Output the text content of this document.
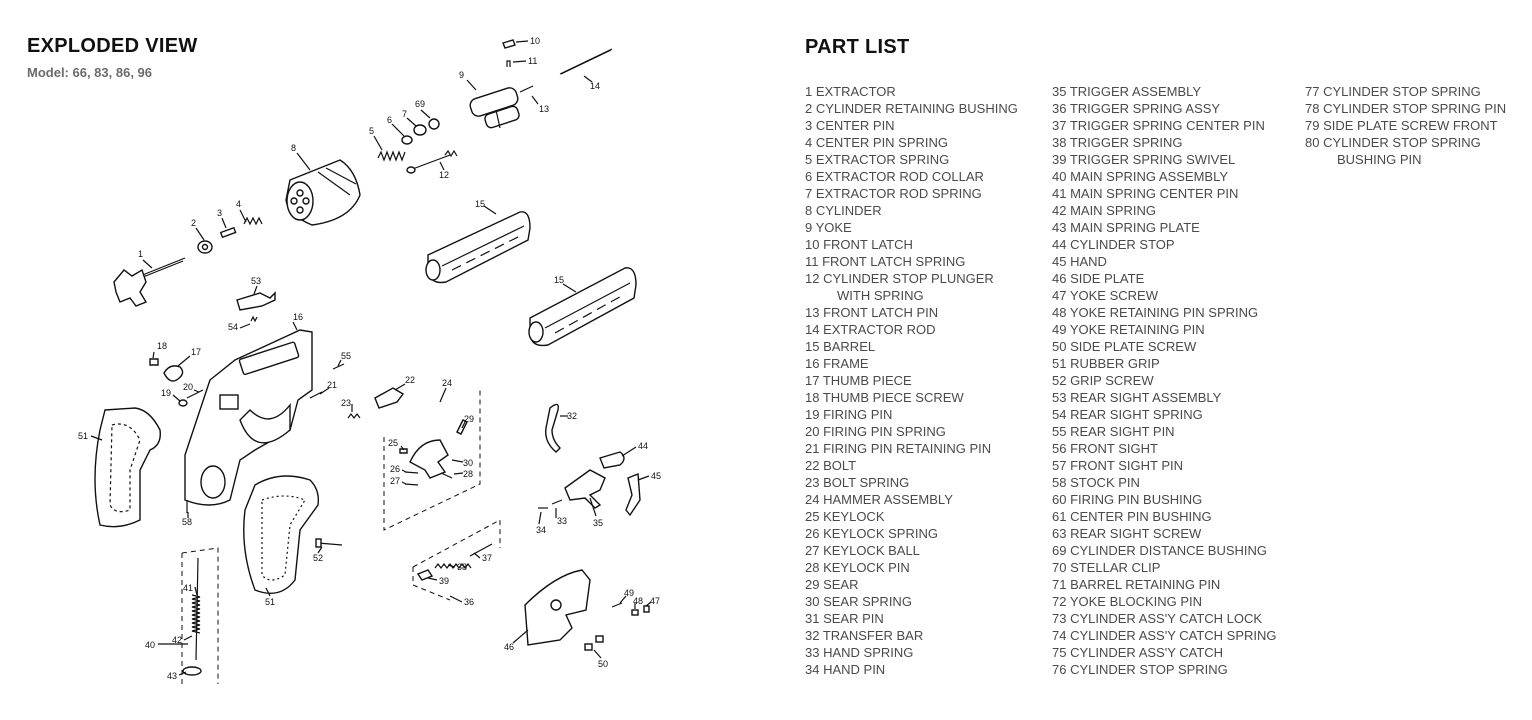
1
2
3
4
5
6
7
69
8
9
10
11
12
13
14
15
15
16
17
18
19
20	21	22
23
24
25
26
27
28
29
30
32
33
34
35
36
37
38
39
40
41
42
43
44
45
46
47
48
49
50
51
51
52
53
54
55
58
EXPLODED VIEW
Model: 66, 83, 86, 96
PART LIST
1 EXTRACTOR
2 CYLINDER RETAINING BUSHING
3 CENTER PIN
4 CENTER PIN SPRING
5 EXTRACTOR SPRING
6 EXTRACTOR ROD COLLAR
7 EXTRACTOR ROD SPRING
8 CYLINDER
9 YOKE
10 FRONT LATCH
11 FRONT LATCH SPRING
12 CYLINDER STOP PLUNGER
WITH SPRING
13 FRONT LATCH PIN
14 EXTRACTOR ROD
15 BARREL
16 FRAME
17 THUMB PIECE
18 THUMB PIECE SCREW
19 FIRING PIN
20 FIRING PIN SPRING
21 FIRING PIN RETAINING PIN
22 BOLT
23 BOLT SPRING
24 HAMMER ASSEMBLY
25 KEYLOCK
26 KEYLOCK SPRING
27 KEYLOCK BALL
28 KEYLOCK PIN
29 SEAR
30 SEAR SPRING
31 SEAR PIN
32 TRANSFER BAR
33 HAND SPRING
34 HAND PIN
35 TRIGGER ASSEMBLY
36 TRIGGER SPRING ASSY
37 TRIGGER SPRING CENTER PIN
38 TRIGGER SPRING
39 TRIGGER SPRING SWIVEL
40 MAIN SPRING ASSEMBLY
41 MAIN SPRING CENTER PIN
42 MAIN SPRING
43 MAIN SPRING PLATE
44 CYLINDER STOP
45 HAND
46 SIDE PLATE
47 YOKE SCREW
48 YOKE RETAINING PIN SPRING
49 YOKE RETAINING PIN
50 SIDE PLATE SCREW
51 RUBBER GRIP
52 GRIP SCREW
53 REAR SIGHT ASSEMBLY
54 REAR SIGHT SPRING
55 REAR SIGHT PIN
56 FRONT SIGHT
57 FRONT SIGHT PIN
58 STOCK PIN
60 FIRING PIN BUSHING
61 CENTER PIN BUSHING
63 REAR SIGHT SCREW
69 CYLINDER DISTANCE BUSHING
70 STELLAR CLIP
71 BARREL RETAINING PIN
72 YOKE BLOCKING PIN
73 CYLINDER ASS'Y CATCH LOCK
74 CYLINDER ASS'Y CATCH SPRING
75 CYLINDER ASS'Y CATCH
76 CYLINDER STOP SPRING
77 CYLINDER STOP SPRING
78 CYLINDER STOP SPRING PIN
79 SIDE PLATE SCREW FRONT
80 CYLINDER STOP SPRING
BUSHING PIN
